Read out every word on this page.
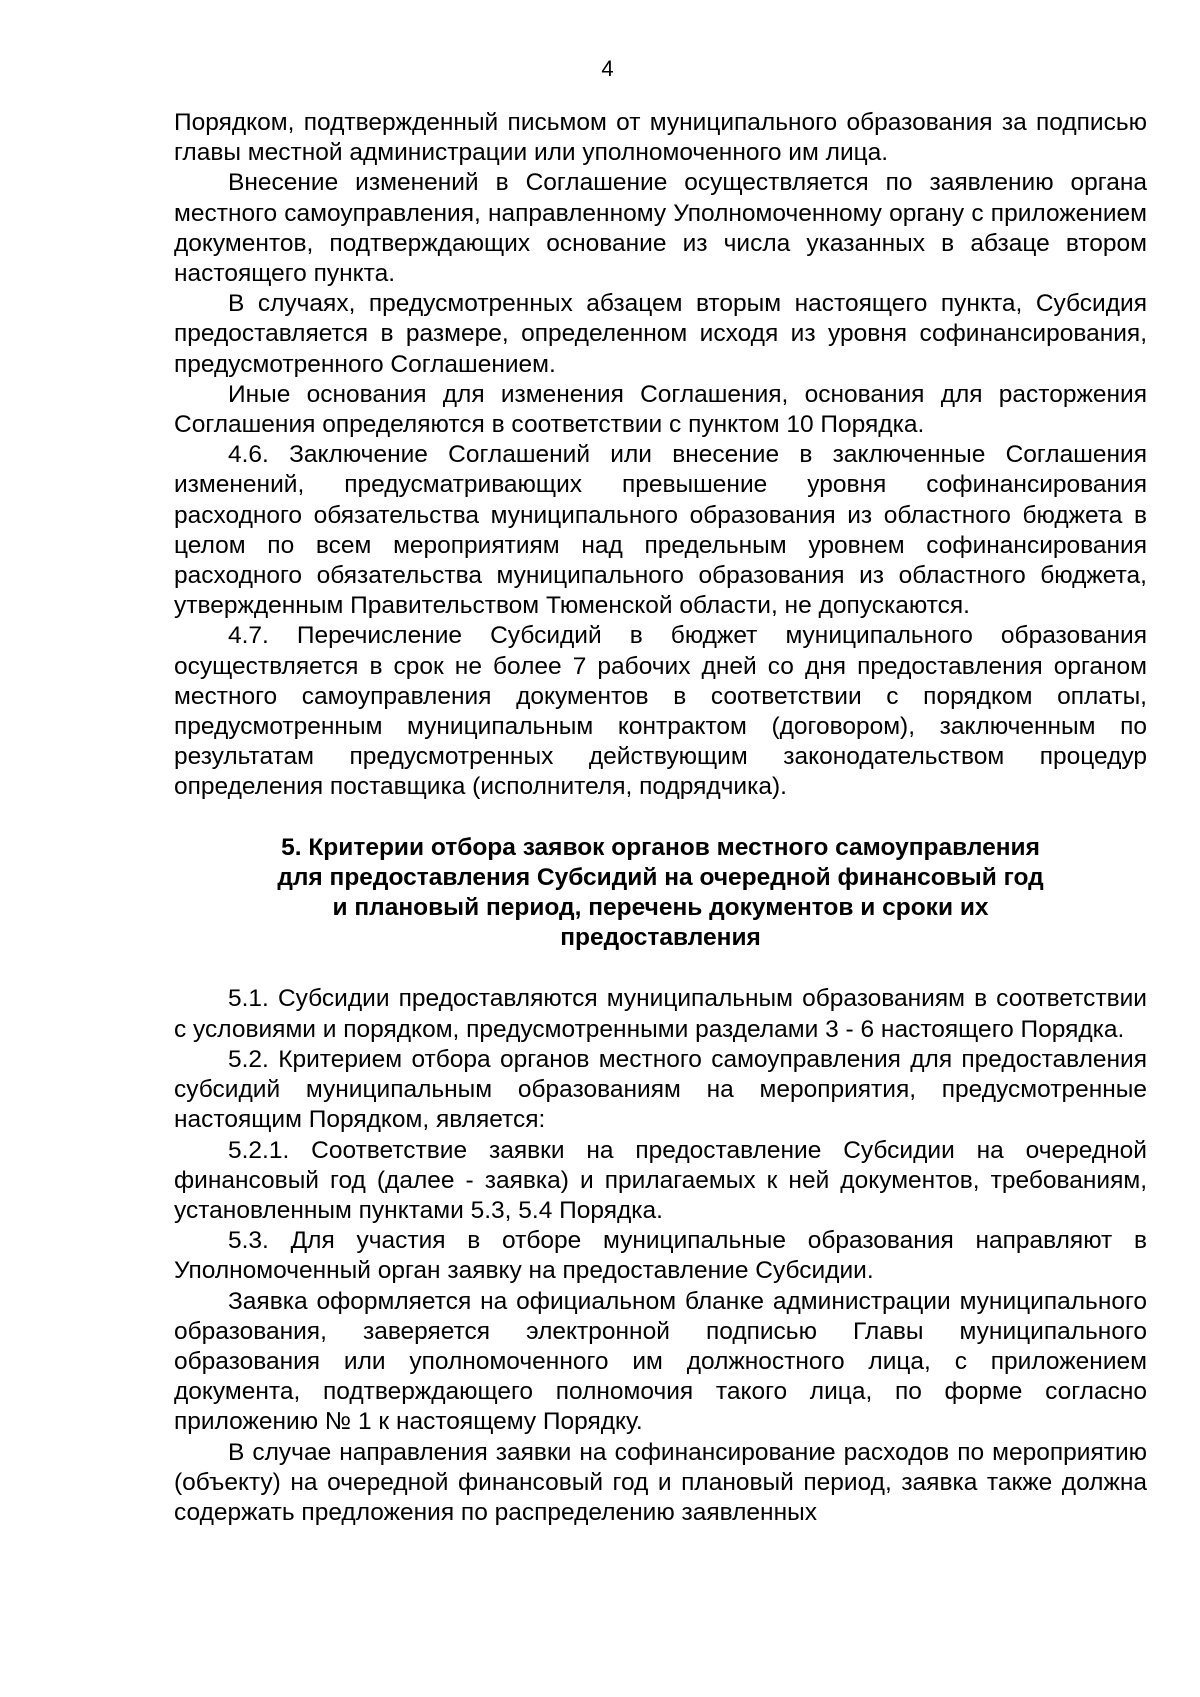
4

Порядком, подтвержденный письмом от муниципального образования за подписью главы местной администрации или уполномоченного им лица.

Внесение изменений в Соглашение осуществляется по заявлению органа местного самоуправления, направленному Уполномоченному органу с приложением документов, подтверждающих основание из числа указанных в абзаце втором настоящего пункта.

В случаях, предусмотренных абзацем вторым настоящего пункта, Субсидия предоставляется в размере, определенном исходя из уровня софинансирования, предусмотренного Соглашением.

Иные основания для изменения Соглашения, основания для расторжения Соглашения определяются в соответствии с пунктом 10 Порядка.

4.6. Заключение Соглашений или внесение в заключенные Соглашения изменений, предусматривающих превышение уровня софинансирования расходного обязательства муниципального образования из областного бюджета в целом по всем мероприятиям над предельным уровнем софинансирования расходного обязательства муниципального образования из областного бюджета, утвержденным Правительством Тюменской области, не допускаются.

4.7. Перечисление Субсидий в бюджет муниципального образования осуществляется в срок не более 7 рабочих дней со дня предоставления органом местного самоуправления документов в соответствии с порядком оплаты, предусмотренным муниципальным контрактом (договором), заключенным по результатам предусмотренных действующим законодательством процедур определения поставщика (исполнителя, подрядчика).

5. Критерии отбора заявок органов местного самоуправления
для предоставления Субсидий на очередной финансовый год
и плановый период, перечень документов и сроки их
предоставления

5.1. Субсидии предоставляются муниципальным образованиям в соответствии с условиями и порядком, предусмотренными разделами 3 - 6 настоящего Порядка.

5.2. Критерием отбора органов местного самоуправления для предоставления субсидий муниципальным образованиям на мероприятия, предусмотренные настоящим Порядком, является:

5.2.1. Соответствие заявки на предоставление Субсидии на очередной финансовый год (далее - заявка) и прилагаемых к ней документов, требованиям, установленным пунктами 5.3, 5.4 Порядка.

5.3. Для участия в отборе муниципальные образования направляют в Уполномоченный орган заявку на предоставление Субсидии.

Заявка оформляется на официальном бланке администрации муниципального образования, заверяется электронной подписью Главы муниципального образования или уполномоченного им должностного лица, с приложением документа, подтверждающего полномочия такого лица, по форме согласно приложению № 1 к настоящему Порядку.

В случае направления заявки на софинансирование расходов по мероприятию (объекту) на очередной финансовый год и плановый период, заявка также должна содержать предложения по распределению заявленных
